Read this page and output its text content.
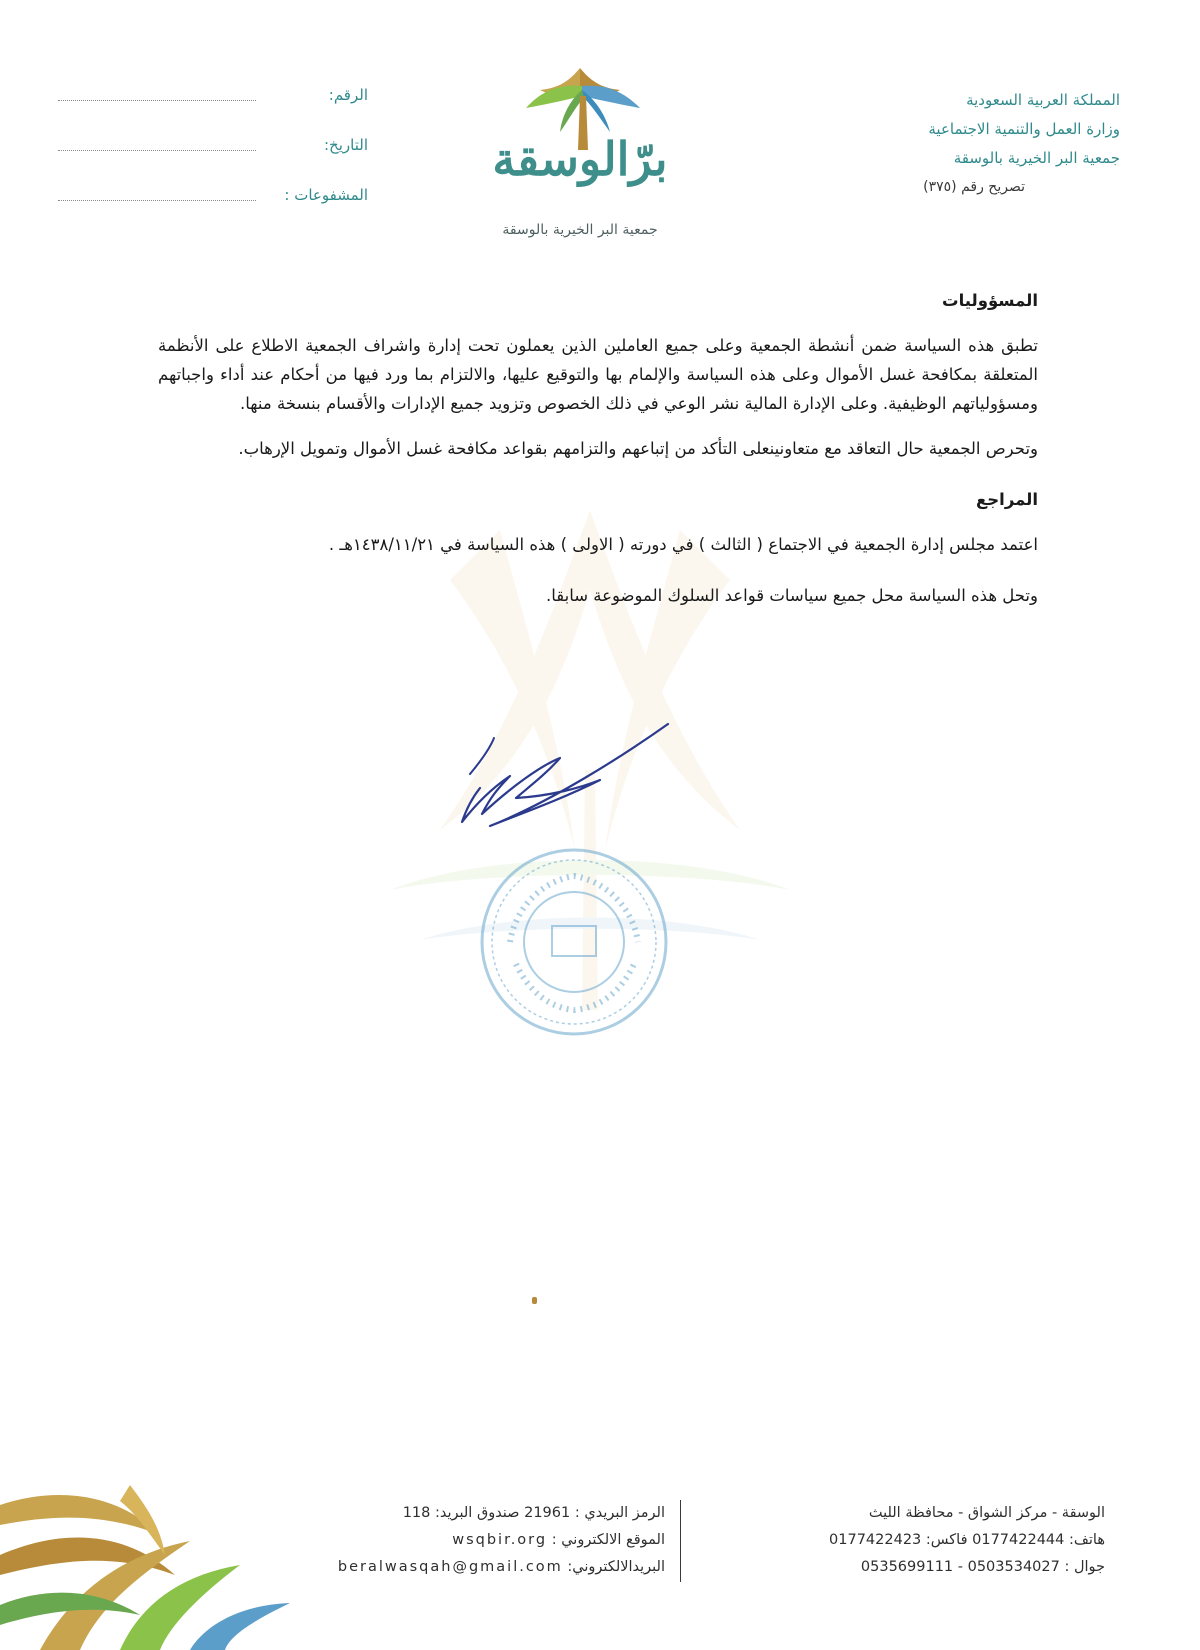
المملكة العربية السعودية
وزارة العمل والتنمية الاجتماعية
جمعية البر الخيرية بالوسقة
تصريح رقم (٣٧٥)
برّالوسقة
جمعية البر الخيرية بالوسقة
الرقم:
التاريخ:
المشفوعات :
المسؤوليات

تطبق هذه السياسة ضمن أنشطة الجمعية وعلى جميع العاملين الذين يعملون تحت إدارة واشراف الجمعية الاطلاع على الأنظمة المتعلقة بمكافحة غسل الأموال وعلى هذه السياسة والإلمام بها والتوقيع عليها، والالتزام بما ورد فيها من أحكام عند أداء واجباتهم ومسؤولياتهم الوظيفية. وعلى الإدارة المالية نشر الوعي في ذلك الخصوص وتزويد جميع الإدارات والأقسام بنسخة منها.

وتحرص الجمعية حال التعاقد مع متعاونينعلى التأكد من إتباعهم والتزامهم بقواعد مكافحة غسل الأموال وتمويل الإرهاب.

المراجع

اعتمد مجلس إدارة الجمعية في الاجتماع ( الثالث ) في دورته ( الاولى ) هذه السياسة في ١٤٣٨/١١/٢١هـ .

وتحل هذه السياسة محل جميع سياسات قواعد السلوك الموضوعة سابقا.

الوسقة - مركز الشواق - محافظة الليث
هاتف: 0177422444 فاكس: 0177422423
جوال : 0503534027 - 0535699111
الرمز البريدي : 21961 صندوق البريد: 118
الموقع الالكتروني : wsqbir.org
البريدالالكتروني: beralwasqah@gmail.com
